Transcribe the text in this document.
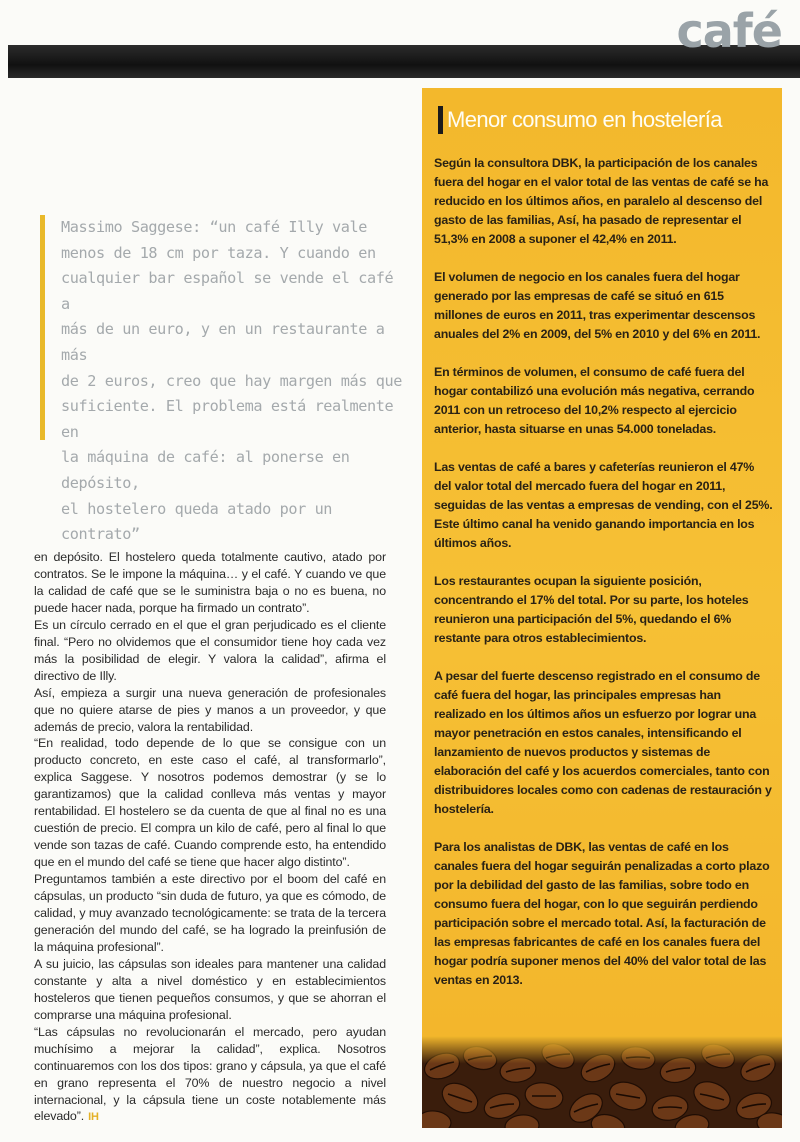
café

Massimo Saggese: “un café Illy vale

menos de 18 cm por taza. Y cuando en

cualquier bar español se vende el café a

más de un euro, y en un restaurante a más

de 2 euros, creo que hay margen más que

suficiente. El problema está realmente en

la máquina de café: al ponerse en depósito,

el hostelero queda atado por un contrato”

en depósito. El hostelero queda totalmente cautivo, atado por contratos. Se le impone la máquina… y el café. Y cuando ve que la calidad de café que se le suministra baja o no es buena, no puede hacer nada, porque ha firmado un contrato”.

Es un círculo cerrado en el que el gran perjudicado es el cliente final. “Pero no olvidemos que el consumidor tiene hoy cada vez más la posibilidad de elegir. Y valora la calidad”, afirma el directivo de Illy.

Así, empieza a surgir una nueva generación de profesionales que no quiere atarse de pies y manos a un proveedor, y que además de precio, valora la rentabilidad.

“En realidad, todo depende de lo que se consigue con un producto concreto, en este caso el café, al transformarlo”, explica Saggese. Y nosotros podemos demostrar (y se lo garantizamos) que la calidad conlleva más ventas y mayor rentabilidad. El hostelero se da cuenta de que al final no es una cuestión de precio. El compra un kilo de café, pero al final lo que vende son tazas de café. Cuando comprende esto, ha entendido que en el mundo del café se tiene que hacer algo distinto”.

Preguntamos también a este directivo por el boom del café en cápsulas, un producto “sin duda de futuro, ya que es cómodo, de calidad, y muy avanzado tecnológicamente: se trata de la tercera generación del mundo del café, se ha logrado la preinfusión de la máquina profesional”.

A su juicio, las cápsulas son ideales para mantener una calidad constante y alta a nivel doméstico y en establecimientos hosteleros que tienen pequeños consumos, y que se ahorran el comprarse una máquina profesional.

“Las cápsulas no revolucionarán el mercado, pero ayudan muchísimo a mejorar la calidad”, explica. Nosotros continuaremos con los dos tipos: grano y cápsula, ya que el café en grano representa el 70% de nuestro negocio a nivel internacional, y la cápsula tiene un coste notablemente más elevado”. IH

Menor consumo en hostelería

Según la consultora DBK, la participación de los canales fuera del hogar en el valor total de las ventas de café se ha reducido en los últimos años, en paralelo al descenso del gasto de las familias, Así, ha pasado de representar el 51,3% en 2008 a suponer el 42,4% en 2011.

El volumen de negocio en los canales fuera del hogar generado por las empresas de café se situó en 615 millones de euros en 2011, tras experimentar descensos anuales del 2% en 2009, del 5% en 2010 y del 6% en 2011.

En términos de volumen, el consumo de café fuera del hogar contabilizó una evolución más negativa, cerrando 2011 con un retroceso del 10,2% respecto al ejercicio anterior, hasta situarse en unas 54.000 toneladas.

Las ventas de café a bares y cafeterías reunieron el 47% del valor total del mercado fuera del hogar en 2011, seguidas de las ventas a empresas de vending, con el 25%. Este último canal ha venido ganando importancia en los últimos años.

Los restaurantes ocupan la siguiente posición, concentrando el 17% del total. Por su parte, los hoteles reunieron una participación del 5%, quedando el 6% restante para otros establecimientos.

A pesar del fuerte descenso registrado en el consumo de café fuera del hogar, las principales empresas han realizado en los últimos años un esfuerzo por lograr una mayor penetración en estos canales, intensificando el lanzamiento de nuevos productos y sistemas de elaboración del café y los acuerdos comerciales, tanto con distribuidores locales como con cadenas de restauración y hostelería.

Para los analistas de DBK, las ventas de café en los canales fuera del hogar seguirán penalizadas a corto plazo por la debilidad del gasto de las familias, sobre todo en consumo fuera del hogar, con lo que seguirán perdiendo participación sobre el mercado total. Así, la facturación de las empresas fabricantes de café en los canales fuera del hogar podría suponer menos del 40% del valor total de las ventas en 2013.
